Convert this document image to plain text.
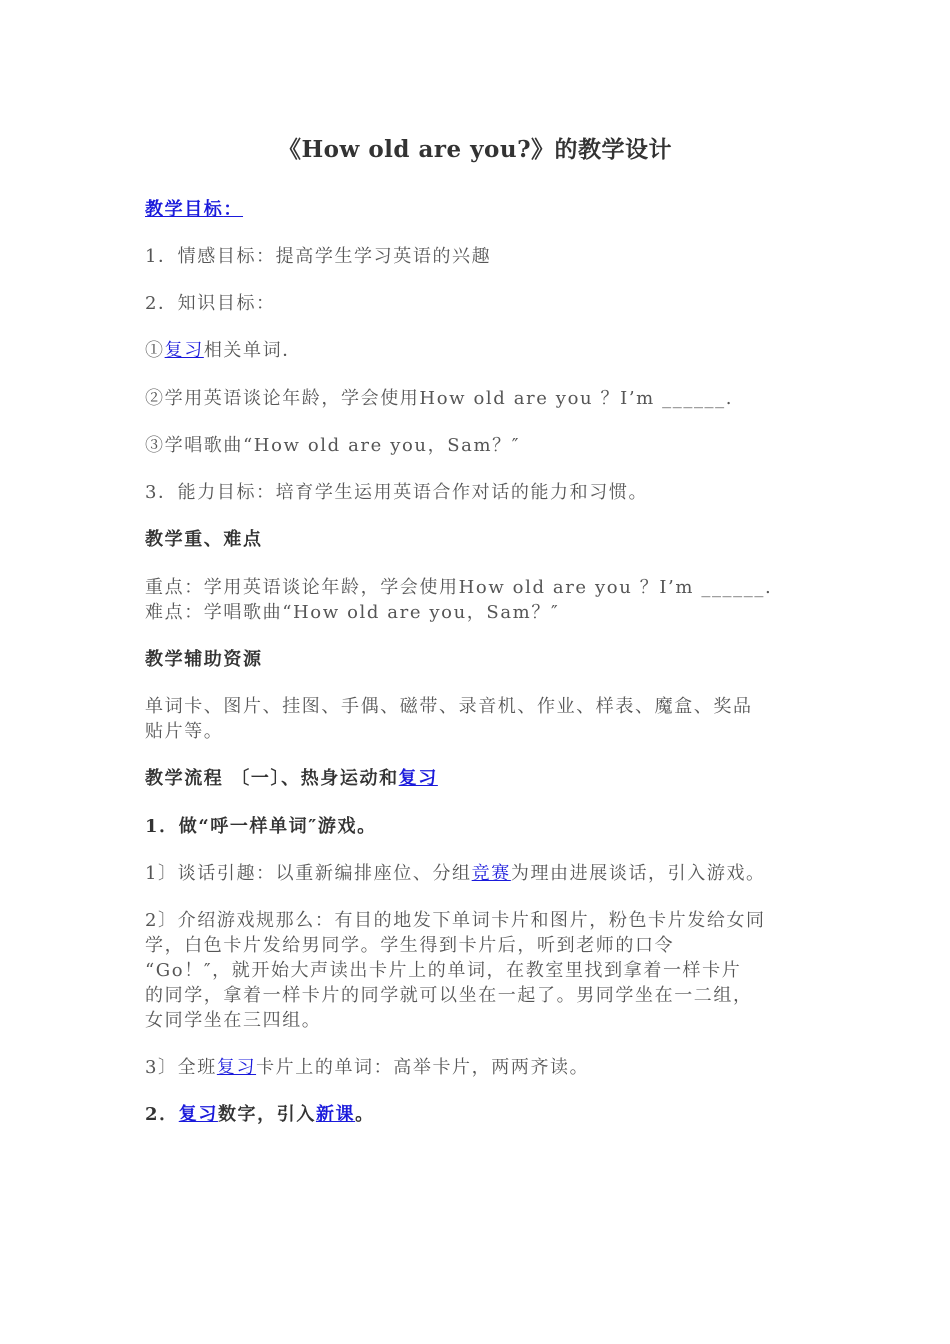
《How old are you?》的教学设计
教学目标：
1．情感目标：提高学生学习英语的兴趣
2．知识目标：
①复习相关单词．
②学用英语谈论年龄，学会使用How old are you ？I’m ______.
③学唱歌曲“How old are you，Sam？″
3．能力目标：培育学生运用英语合作对话的能力和习惯。
教学重、难点
重点：学用英语谈论年龄，学会使用How old are you ？I’m ______.
难点：学唱歌曲“How old are you，Sam？″
教学辅助资源
单词卡、图片、挂图、手偶、磁带、录音机、作业、样表、魔盒、奖品
贴片等。
教学流程 〔一〕、热身运动和复习
1．做“呼一样单词″游戏。
1〕谈话引趣：以重新编排座位、分组竞赛为理由进展谈话，引入游戏。
2〕介绍游戏规那么：有目的地发下单词卡片和图片，粉色卡片发给女同
学，白色卡片发给男同学。学生得到卡片后，听到老师的口令
“Go！″，就开始大声读出卡片上的单词，在教室里找到拿着一样卡片
的同学，拿着一样卡片的同学就可以坐在一起了。男同学坐在一二组，
女同学坐在三四组。
3〕全班复习卡片上的单词：高举卡片，两两齐读。
2．复习数字，引入新课。
